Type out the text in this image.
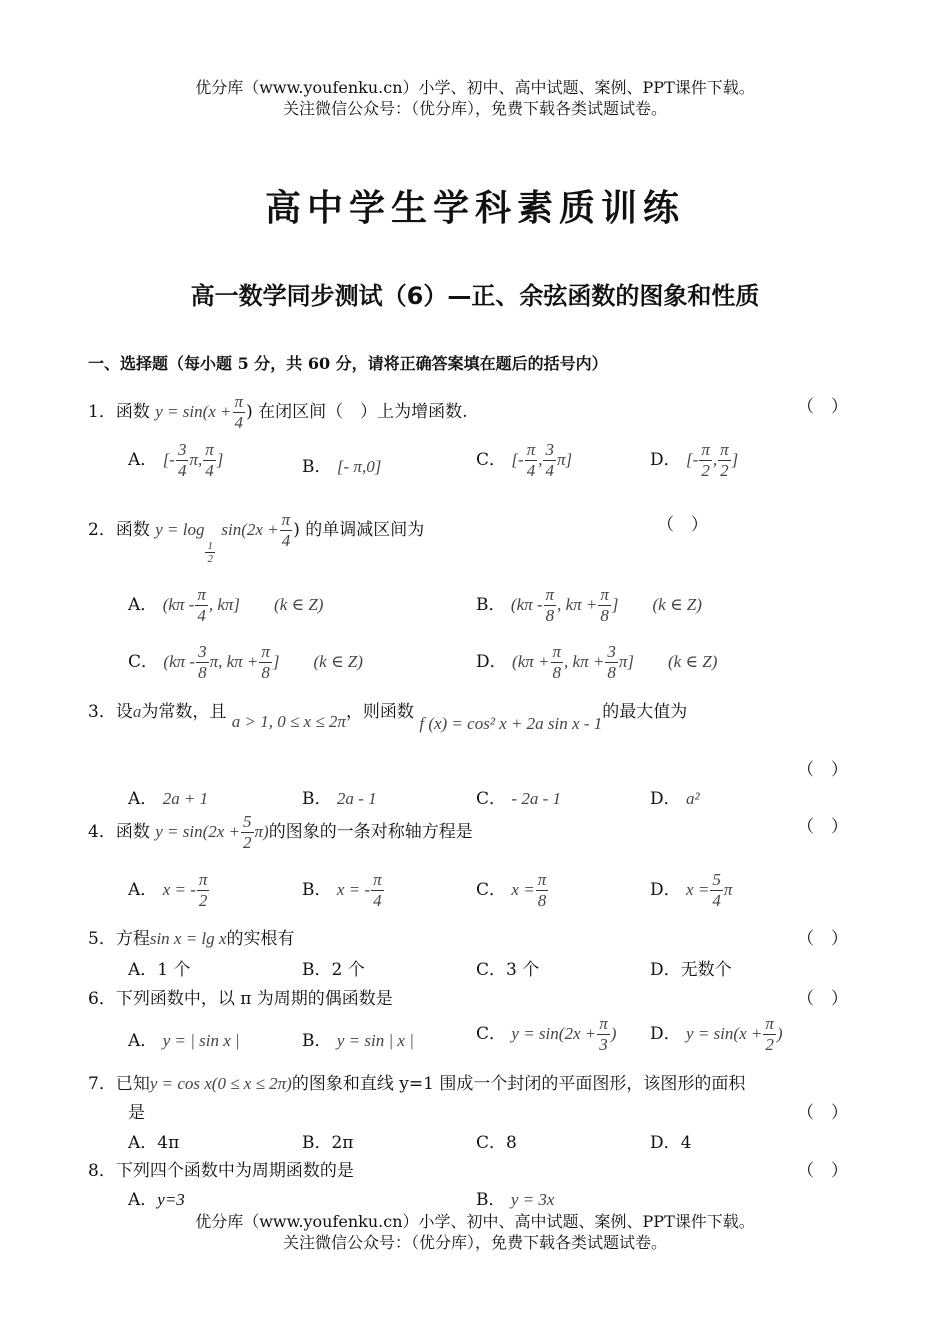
优分库（www.youfenku.cn）小学、初中、高中试题、案例、PPT课件下载。
关注微信公众号：（优分库），免费下载各类试题试卷。
高中学生学科素质训练
高一数学同步测试（6）—正、余弦函数的图象和性质
一、选择题（每小题 5 分，共 60 分，请将正确答案填在题后的括号内）
1．函数 $y = \sin(x + \frac{\pi}{4}$ ) 在闭区间（　）上为增函数.	（　）
A． [- $\frac{3}{4} \pi$, $\frac{\pi}{4}$ ]	B． [- π,0]	C． [- $\frac{\pi}{4}$ , $\frac{3}{4} \pi$]	D． [- $\frac{\pi}{2}$ , $\frac{\pi}{2}$ ]
2．函数 y = log
$\frac{1}{2}$
$\sin(2x + \frac{\pi}{4}$ ) 的单调减区间为	（　）
A． ($k\pi - \frac{\pi}{4}$ , kπ]　　(k ∈ Z)	B． ($k\pi - \frac{\pi}{8}$ , $k\pi + \frac{\pi}{8}$ ]　　(k ∈ Z)
C． ($k\pi - \frac{3}{8} \pi$, $k\pi + \frac{\pi}{8}$ ]　　(k ∈ Z)	D． ($k\pi + \frac{\pi}{8}$ , $k\pi + \frac{3}{8} \pi$]　　(k ∈ Z)
3．设a为常数，且 a > 1, 0 ≤ x ≤ 2π，则函数 f (x) = cos² x + 2a sin x - 1的最大值为
（　）
A． 2a + 1	B． 2a - 1	C． - 2a - 1	D． a²
4．函数 $y = \sin(2x + \frac{5}{2} \pi)$的图象的一条对称轴方程是	（　）
A． x = - $\frac{\pi}{2}$	B． x = - $\frac{\pi}{4}$	C． $x = \frac{\pi}{8}$	D． $x = \frac{5}{4}$ π
5．方程sin x = lg x的实根有	（　）
A．1 个	B．2 个	C．3 个	D．无数个
6．下列函数中，以 π 为周期的偶函数是	（　）
A． y = | sin x |	B． y = sin | x |	C． $y = \sin(2x + \frac{\pi}{3}$ ) D． $y = \sin(x + \frac{\pi}{2}$ )
7．已知y = cos x(0 ≤ x ≤ 2π)的图象和直线 y=1 围成一个封闭的平面图形，该图形的面积
是	（　）
A．4π	B．2π	C．8	D．4
8．下列四个函数中为周期函数的是	（　）
A．y=3	B． y = 3x
优分库（www.youfenku.cn）小学、初中、高中试题、案例、PPT课件下载。
关注微信公众号：（优分库），免费下载各类试题试卷。
